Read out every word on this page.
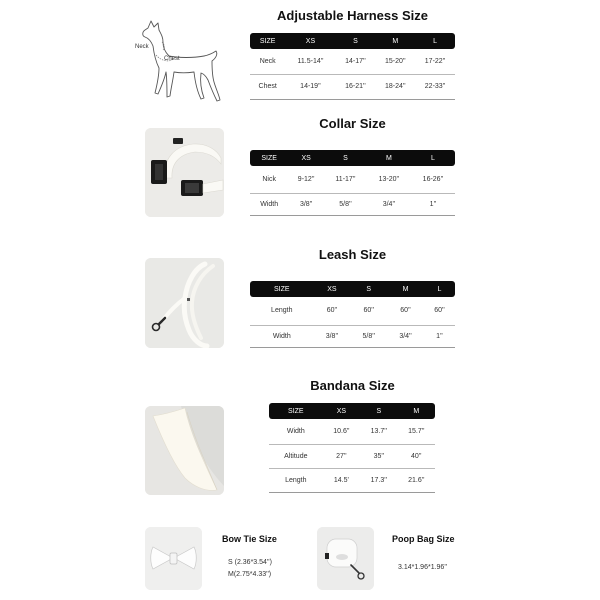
Neck
Chest
Adjustable Harness Size
SIZE	XS	S	M	L
Neck	11.5-14''	14-17''	15-20''	17-22''
Chest	14-19''	16-21''	18-24''	22-33''
Collar Size
SIZE	XS	S	M	L
Nick	9-12''	11-17''	13-20''	16-26''
Width	3/8''	5/8''	3/4''	1''
Leash Size
SIZE	XS	S	M	L
Length	60''	60''	60''	60''
Width	3/8''	5/8''	3/4''	1''
Bandana Size
SIZE	XS	S	M
Width	10.6''	13.7''	15.7''
Altitude	27''	35''	40''
Length	14.5'	17.3''	21.6''
Bow Tie Size
S (2.36*3.54'')
M(2.75*4.33'')
Poop Bag Size
3.14*1.96*1.96''
